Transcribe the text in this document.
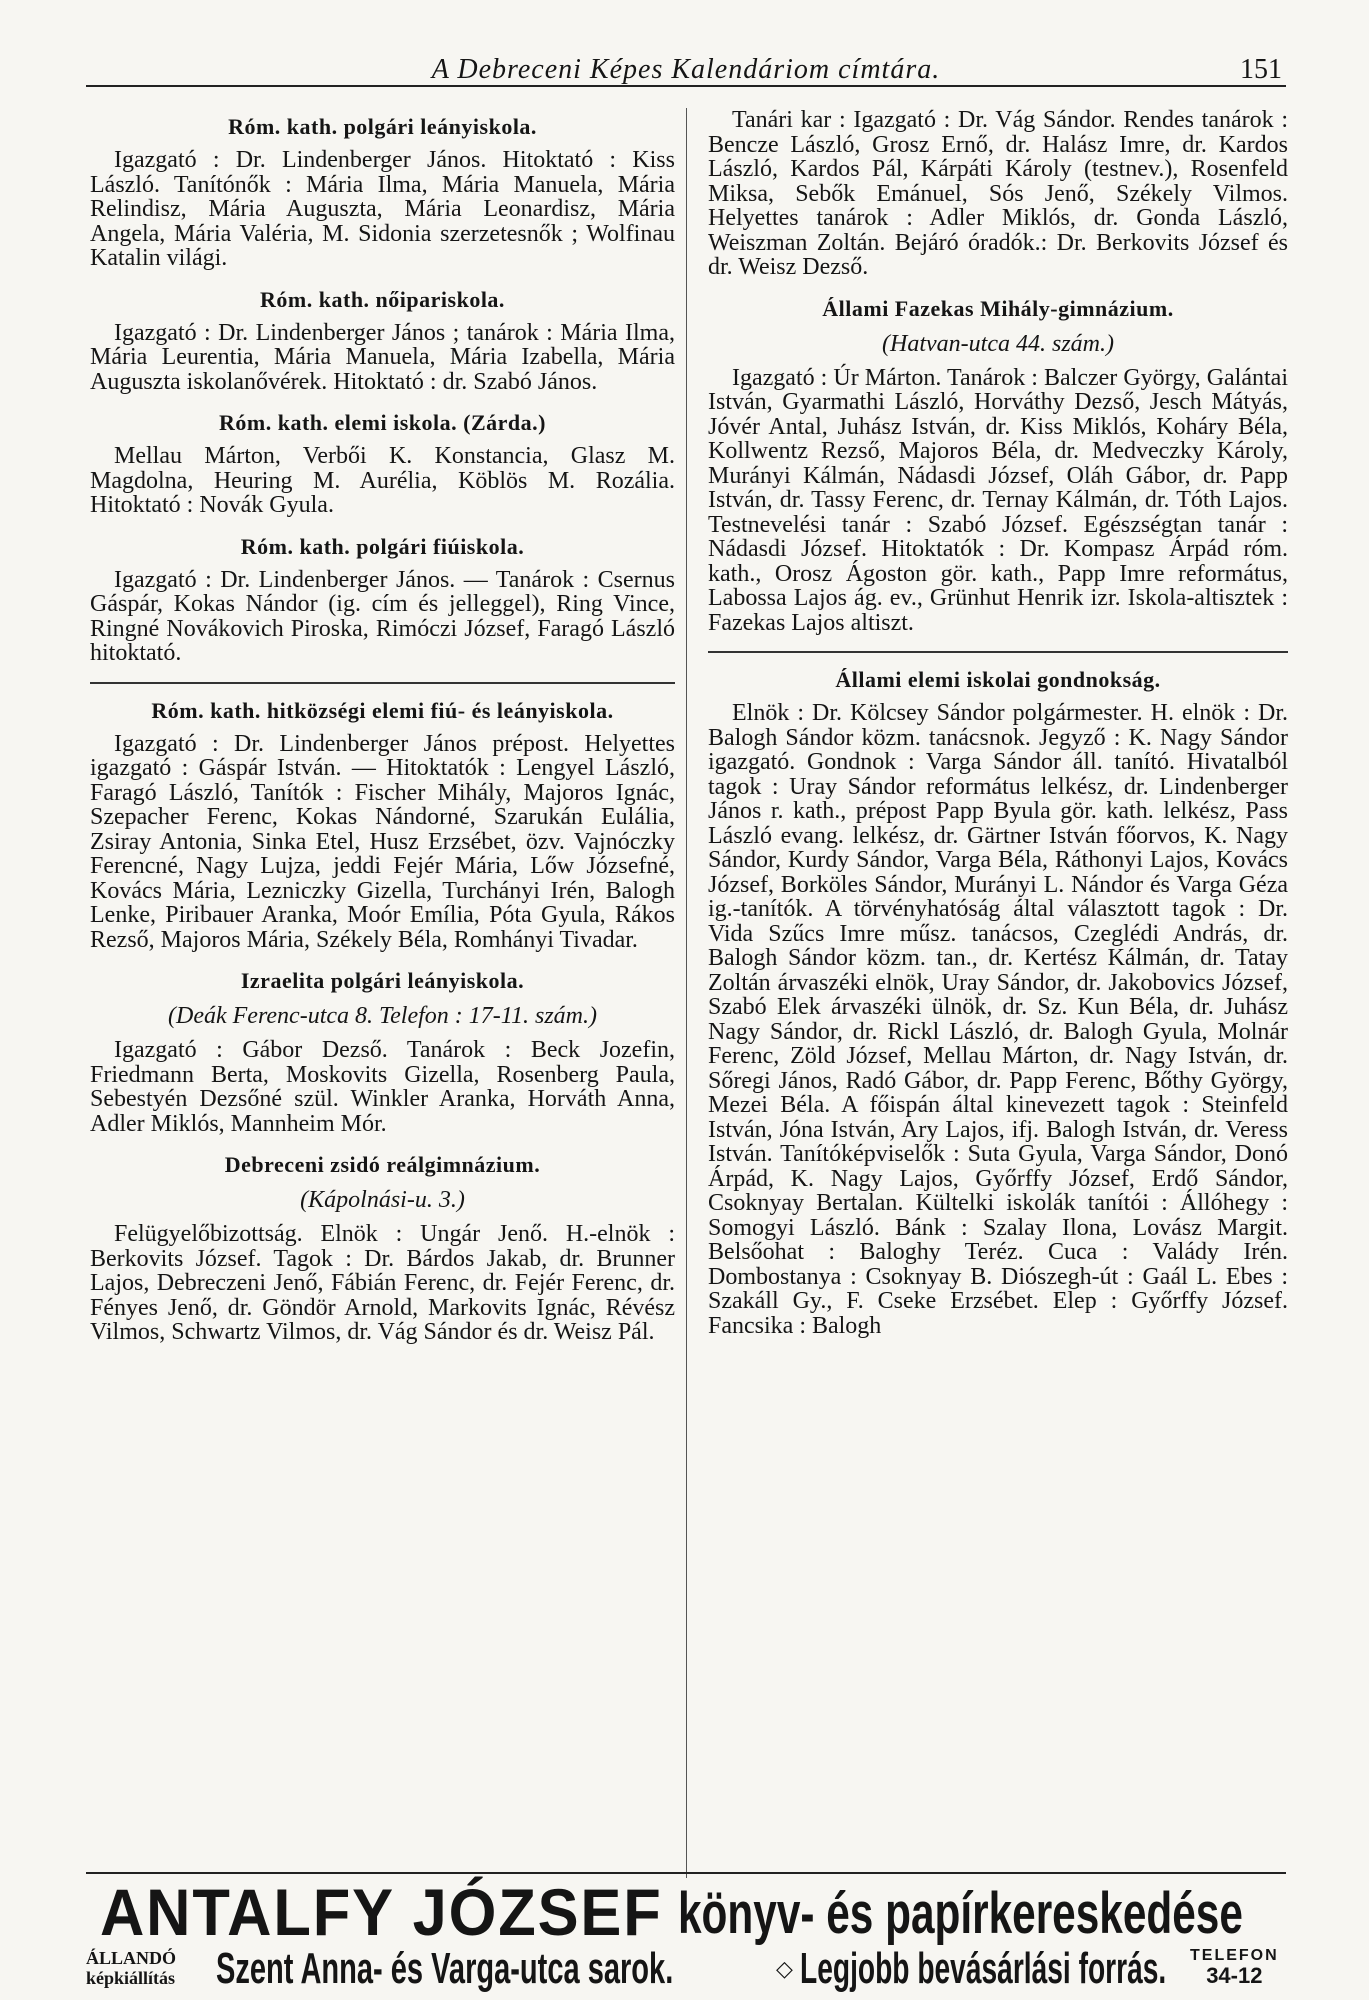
A Debreceni Képes Kalendáriom címtára.	151
Róm. kath. polgári leányiskola.

Igazgató : Dr. Lindenberger János. Hitoktató : Kiss László. Tanítónők : Mária Ilma, Mária Manuela, Mária Relindisz, Mária Auguszta, Mária Leonardisz, Mária Angela, Mária Valéria, M. Sidonia szerzetesnők ; Wolfinau Katalin világi.

Róm. kath. nőipariskola.

Igazgató : Dr. Lindenberger János ; tanárok : Mária Ilma, Mária Leurentia, Mária Manuela, Mária Izabella, Mária Auguszta iskolanővérek. Hitoktató : dr. Szabó János.

Róm. kath. elemi iskola. (Zárda.)

Mellau Márton, Verbői K. Konstancia, Glasz M. Magdolna, Heuring M. Aurélia, Köblös M. Rozália. Hitoktató : Novák Gyula.

Róm. kath. polgári fiúiskola.

Igazgató : Dr. Lindenberger János. — Tanárok : Csernus Gáspár, Kokas Nándor (ig. cím és jelleggel), Ring Vince, Ringné Novákovich Piroska, Rimóczi József, Faragó László hitoktató.

Róm. kath. hitközségi elemi fiú- és leányiskola.

Igazgató : Dr. Lindenberger János prépost. Helyettes igazgató : Gáspár István. — Hitoktatók : Lengyel László, Faragó László, Tanítók : Fischer Mihály, Majoros Ignác, Szepacher Ferenc, Kokas Nándorné, Szarukán Eulália, Zsiray Antonia, Sinka Etel, Husz Erzsébet, özv. Vajnóczky Ferencné, Nagy Lujza, jeddi Fejér Mária, Lőw Józsefné, Kovács Mária, Lezniczky Gizella, Turchányi Irén, Balogh Lenke, Piribauer Aranka, Moór Emília, Póta Gyula, Rákos Rezső, Majoros Mária, Székely Béla, Romhányi Tivadar.

Izraelita polgári leányiskola.
(Deák Ferenc-utca 8. Telefon : 17-11. szám.)

Igazgató : Gábor Dezső. Tanárok : Beck Jozefin, Friedmann Berta, Moskovits Gizella, Rosenberg Paula, Sebestyén Dezsőné szül. Winkler Aranka, Horváth Anna, Adler Miklós, Mannheim Mór.

Debreceni zsidó reálgimnázium.
(Kápolnási-u. 3.)

Felügyelőbizottság. Elnök : Ungár Jenő. H.-elnök : Berkovits József. Tagok : Dr. Bárdos Jakab, dr. Brunner Lajos, Debreczeni Jenő, Fábián Ferenc, dr. Fejér Ferenc, dr. Fényes Jenő, dr. Göndör Arnold, Markovits Ignác, Révész Vilmos, Schwartz Vilmos, dr. Vág Sándor és dr. Weisz Pál.

Tanári kar : Igazgató : Dr. Vág Sándor. Rendes tanárok : Bencze László, Grosz Ernő, dr. Halász Imre, dr. Kardos László, Kardos Pál, Kárpáti Károly (testnev.), Rosenfeld Miksa, Sebők Emánuel, Sós Jenő, Székely Vilmos. Helyettes tanárok : Adler Miklós, dr. Gonda László, Weiszman Zoltán. Bejáró óradók.: Dr. Berkovits József és dr. Weisz Dezső.

Állami Fazekas Mihály-gimnázium.
(Hatvan-utca 44. szám.)

Igazgató : Úr Márton. Tanárok : Balczer György, Galántai István, Gyarmathi László, Horváthy Dezső, Jesch Mátyás, Jóvér Antal, Juhász István, dr. Kiss Miklós, Koháry Béla, Kollwentz Rezső, Majoros Béla, dr. Medveczky Károly, Murányi Kálmán, Nádasdi József, Oláh Gábor, dr. Papp István, dr. Tassy Ferenc, dr. Ternay Kálmán, dr. Tóth Lajos. Testnevelési tanár : Szabó József. Egészségtan tanár : Nádasdi József. Hitoktatók : Dr. Kompasz Árpád róm. kath., Orosz Ágoston gör. kath., Papp Imre református, Labossa Lajos ág. ev., Grünhut Henrik izr. Iskola-altisztek : Fazekas Lajos altiszt.

Állami elemi iskolai gondnokság.

Elnök : Dr. Kölcsey Sándor polgármester. H. elnök : Dr. Balogh Sándor közm. tanácsnok. Jegyző : K. Nagy Sándor igazgató. Gondnok : Varga Sándor áll. tanító. Hivatalból tagok : Uray Sándor református lelkész, dr. Lindenberger János r. kath., prépost Papp Byula gör. kath. lelkész, Pass László evang. lelkész, dr. Gärtner István főorvos, K. Nagy Sándor, Kurdy Sándor, Varga Béla, Ráthonyi Lajos, Kovács József, Borköles Sándor, Murányi L. Nándor és Varga Géza ig.-tanítók. A törvényhatóság által választott tagok : Dr. Vida Szűcs Imre műsz. tanácsos, Czeglédi András, dr. Balogh Sándor közm. tan., dr. Kertész Kálmán, dr. Tatay Zoltán árvaszéki elnök, Uray Sándor, dr. Jakobovics József, Szabó Elek árvaszéki ülnök, dr. Sz. Kun Béla, dr. Juhász Nagy Sándor, dr. Rickl László, dr. Balogh Gyula, Molnár Ferenc, Zöld József, Mellau Márton, dr. Nagy István, dr. Sőregi János, Radó Gábor, dr. Papp Ferenc, Bőthy György, Mezei Béla. A főispán által kinevezett tagok : Steinfeld István, Jóna István, Ary Lajos, ifj. Balogh István, dr. Veress István. Tanítóképviselők : Suta Gyula, Varga Sándor, Donó Árpád, K. Nagy Lajos, Győrffy József, Erdő Sándor, Csoknyay Bertalan. Kültelki iskolák tanítói : Állóhegy : Somogyi László. Bánk : Szalay Ilona, Lovász Margit. Belsőohat : Baloghy Teréz. Cuca : Valády Irén. Dombostanya : Csoknyay B. Diószegh-út : Gaál L. Ebes : Szakáll Gy., F. Cseke Erzsébet. Elep : Győrffy József. Fancsika : Balogh

ANTALFY JÓZSEF könyv- és papírkereskedése
ÁLLANDÓ
képkiállítás Szent Anna- és Varga-utca sarok.	◇ Legjobb bevásárlási forrás. TELEFON
34-12
